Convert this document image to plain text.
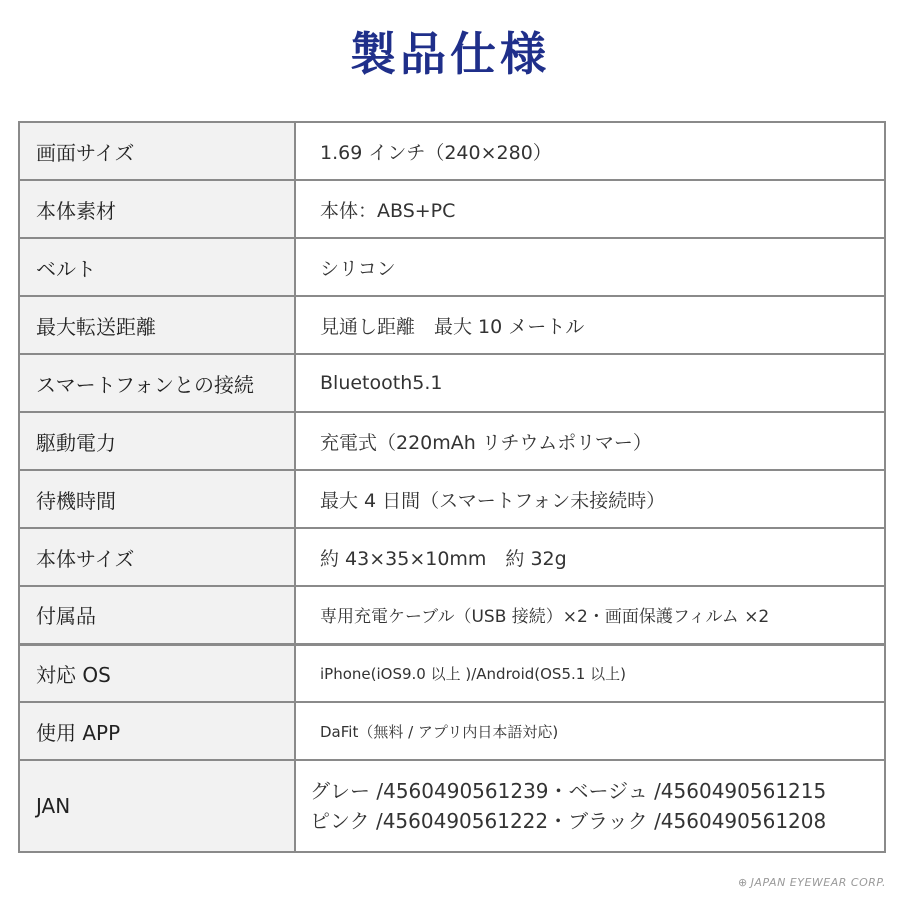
製品仕様
画面サイズ	1.69 インチ（240×280）
本体素材	本体：ABS+PC
ベルト	シリコン
最大転送距離	見通し距離　最大 10 メートル
スマートフォンとの接続	Bluetooth5.1
駆動電力	充電式（220mAh リチウムポリマー）
待機時間	最大 4 日間（スマートフォン未接続時）
本体サイズ	約 43×35×10mm　約 32g
付属品	専用充電ケーブル（USB 接続）×2・画面保護フィルム ×2
対応 OS	iPhone(iOS9.0 以上 )/Android(OS5.1 以上)
使用 APP	DaFit（無料 / アプリ内日本語対応)
JAN	グレー /4560490561239・ベージュ /4560490561215
ピンク /4560490561222・ブラック /4560490561208
⊕ JAPAN EYEWEAR CORP.
